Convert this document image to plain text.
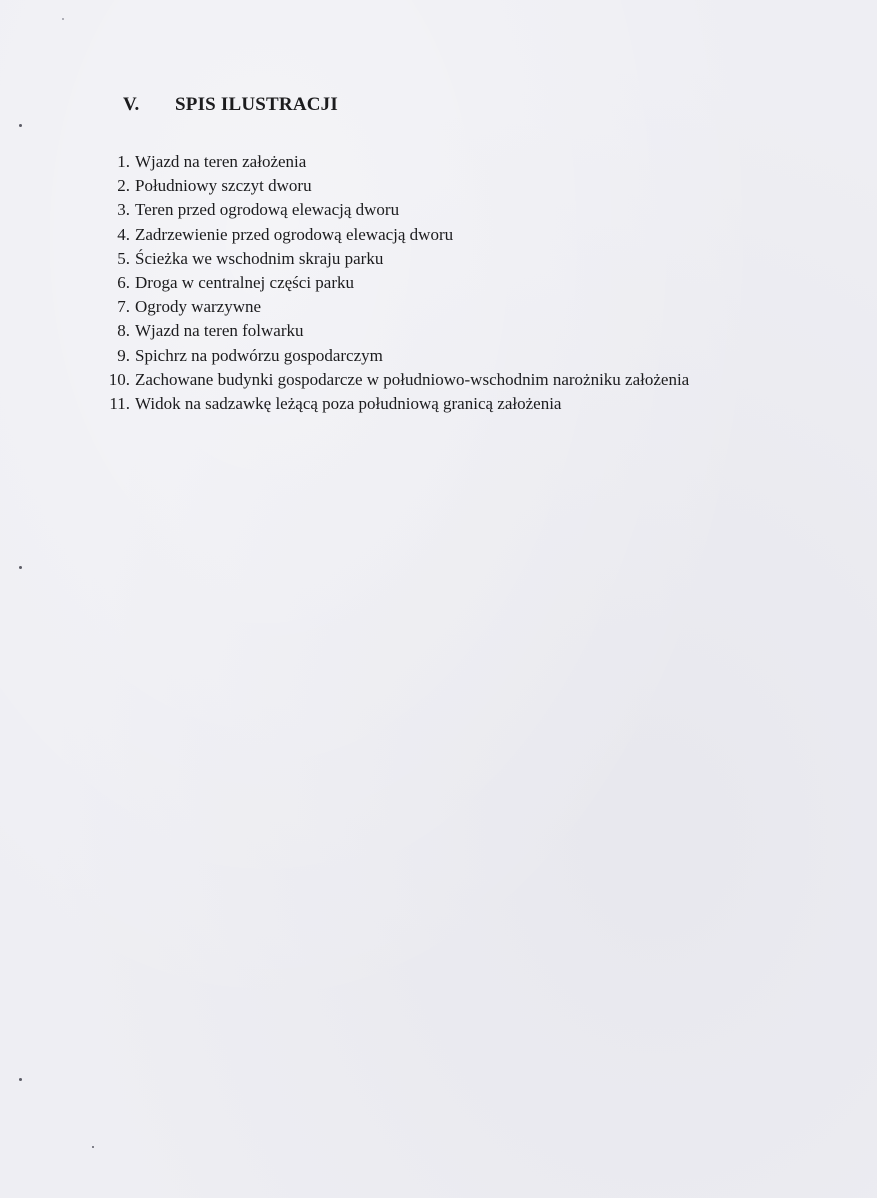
V. SPIS ILUSTRACJI
1. Wjazd na teren założenia
2. Południowy szczyt dworu
3. Teren przed ogrodową elewacją dworu
4. Zadrzewienie przed ogrodową elewacją dworu
5. Ścieżka we wschodnim skraju parku
6. Droga w centralnej części parku
7. Ogrody warzywne
8. Wjazd na teren folwarku
9. Spichrz na podwórzu gospodarczym
10. Zachowane budynki gospodarcze w południowo-wschodnim narożniku założenia
11. Widok na sadzawkę leżącą poza południową granicą założenia
